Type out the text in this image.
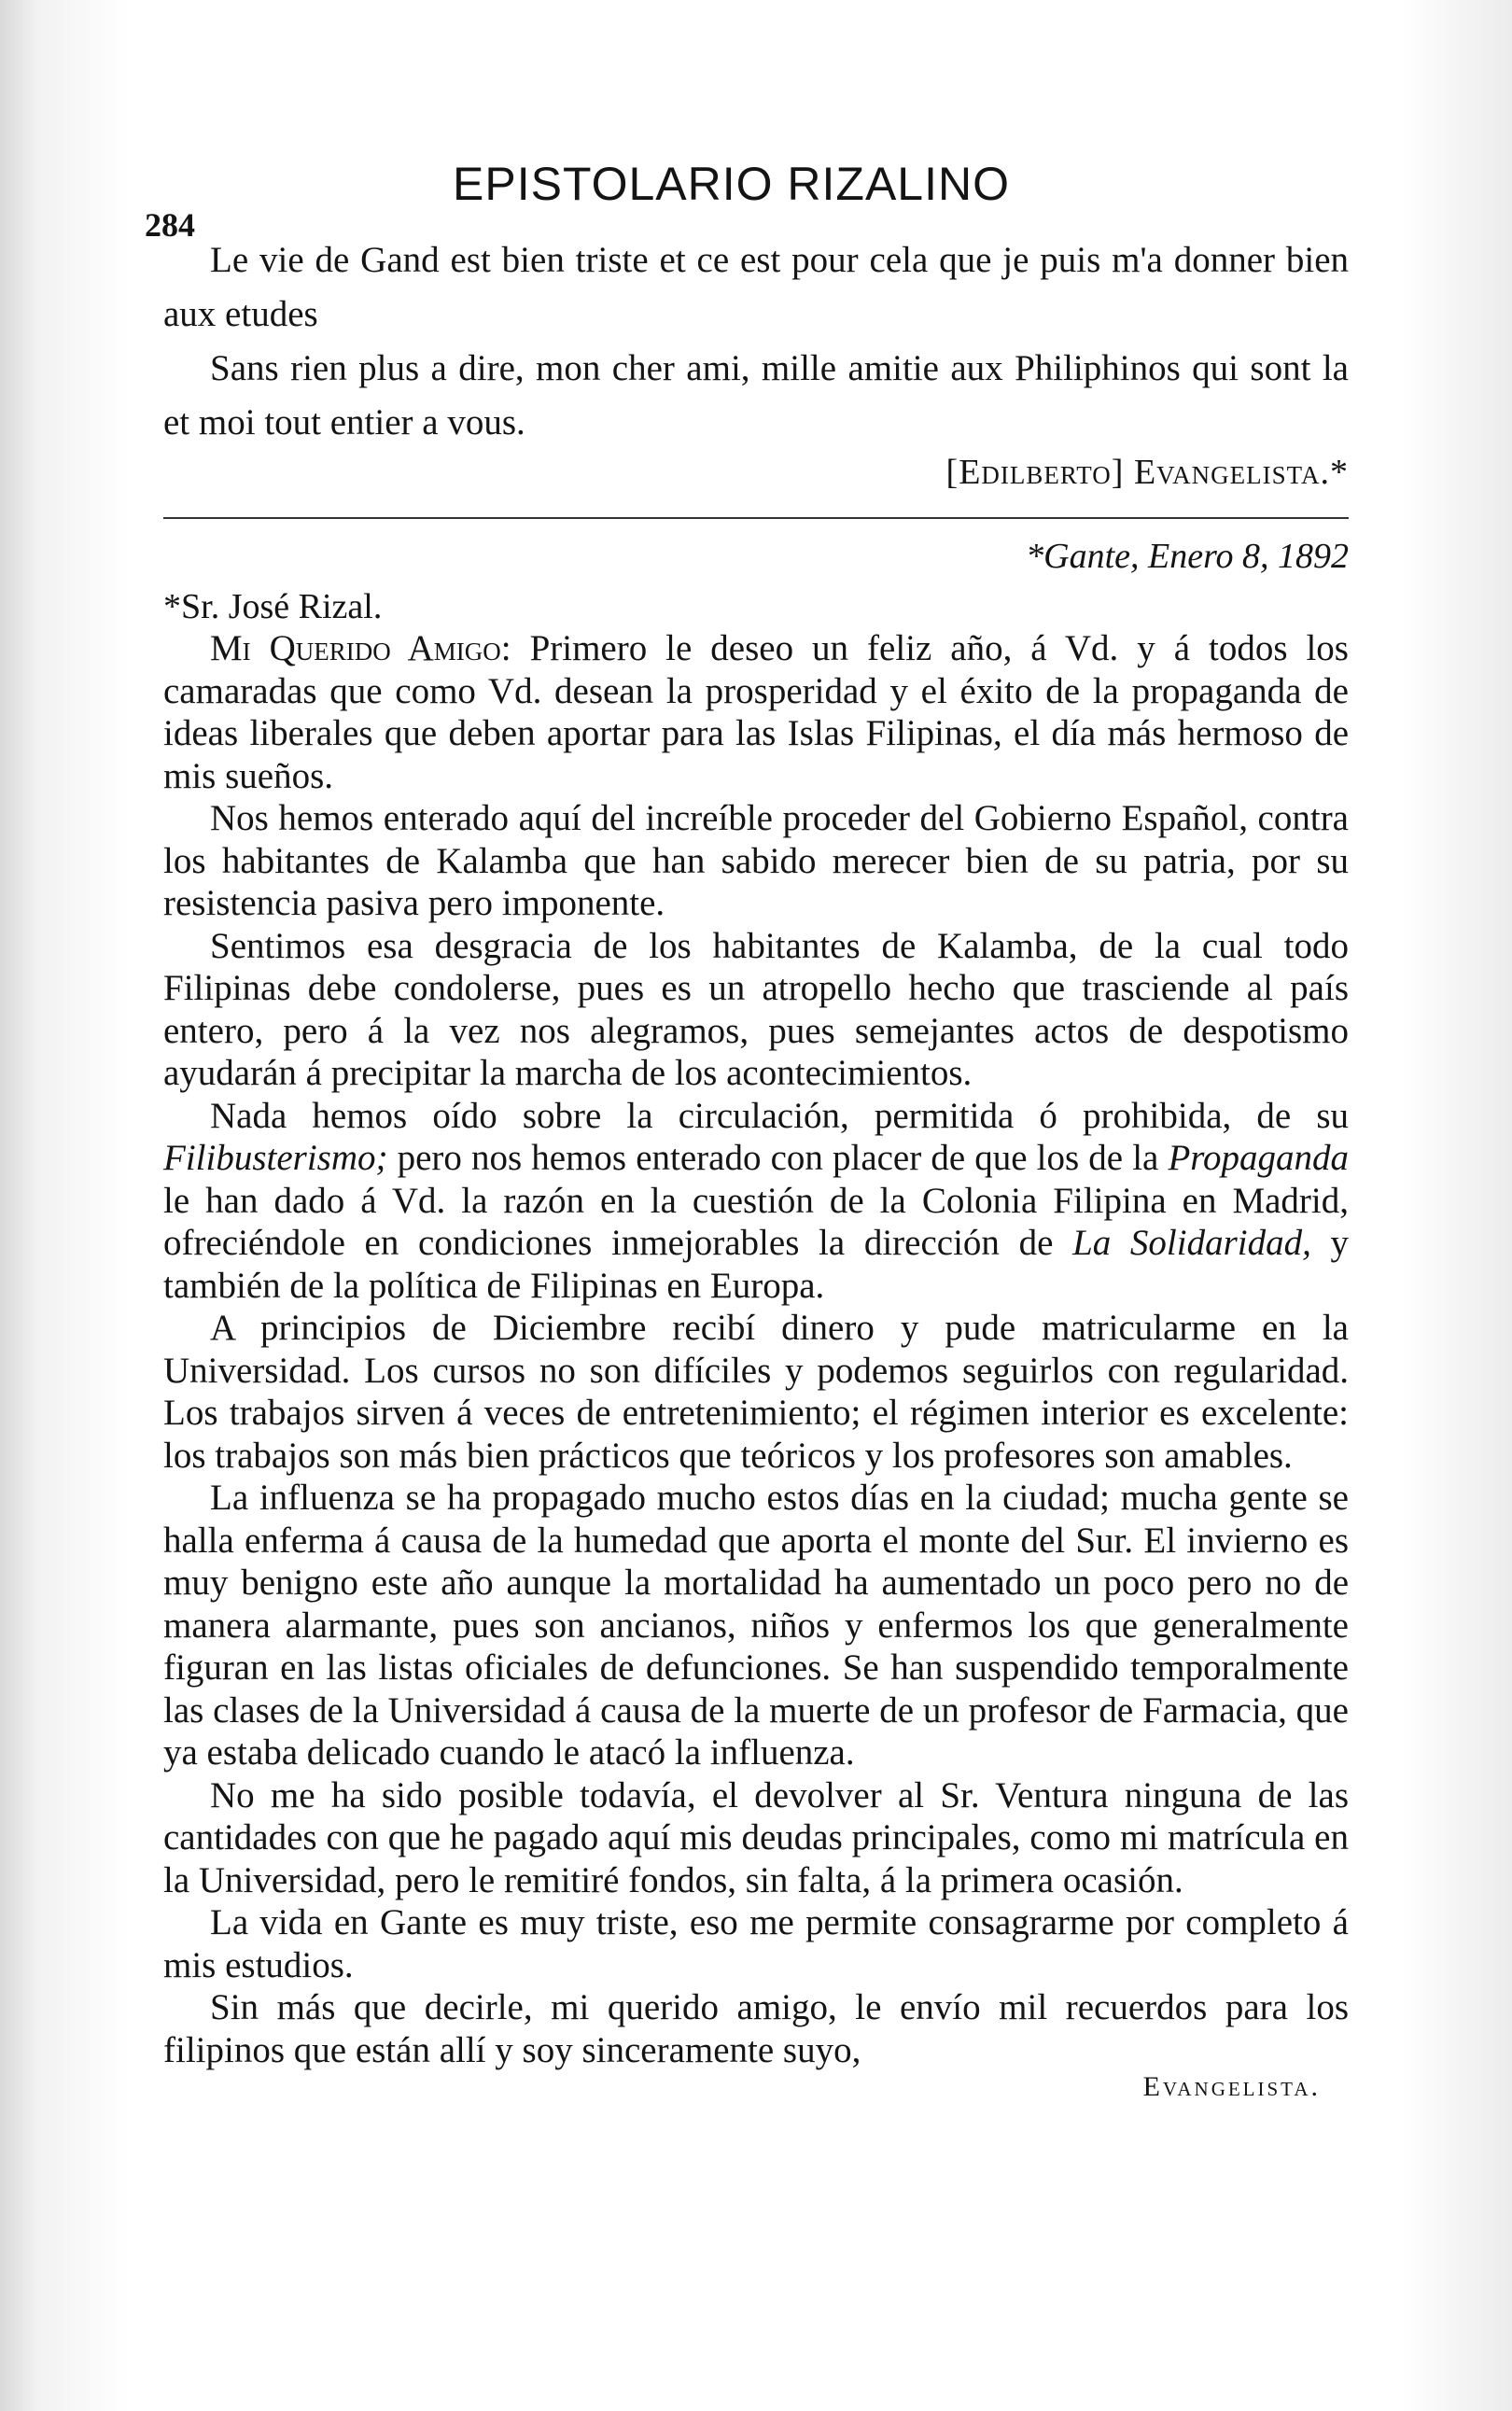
284
EPISTOLARIO RIZALINO

Le vie de Gand est bien triste et ce est pour cela que je puis m'a donner bien aux etudes

Sans rien plus a dire, mon cher ami, mille amitie aux Philiphinos qui sont la et moi tout entier a vous.

[Edilberto] Evangelista.*
*Gante, Enero 8, 1892
*Sr. José Rizal.

Mi Querido Amigo: Primero le deseo un feliz año, á Vd. y á todos los camaradas que como Vd. desean la prosperidad y el éxito de la propaganda de ideas liberales que deben aportar para las Islas Filipinas, el día más hermoso de mis sueños.

Nos hemos enterado aquí del increíble proceder del Gobierno Español, contra los habitantes de Kalamba que han sabido merecer bien de su patria, por su resistencia pasiva pero imponente.

Sentimos esa desgracia de los habitantes de Kalamba, de la cual todo Filipinas debe condolerse, pues es un atropello hecho que trasciende al país entero, pero á la vez nos alegramos, pues semejantes actos de despotismo ayudarán á precipitar la marcha de los acontecimientos.

Nada hemos oído sobre la circulación, permitida ó prohibida, de su Filibusterismo; pero nos hemos enterado con placer de que los de la Propaganda le han dado á Vd. la razón en la cuestión de la Colonia Filipina en Madrid, ofreciéndole en condiciones inmejorables la dirección de La Solidaridad, y también de la política de Filipinas en Europa.

A principios de Diciembre recibí dinero y pude matricularme en la Universidad. Los cursos no son difíciles y podemos seguirlos con regularidad. Los trabajos sirven á veces de entretenimiento; el régimen interior es excelente: los trabajos son más bien prácticos que teóricos y los profesores son amables.

La influenza se ha propagado mucho estos días en la ciudad; mucha gente se halla enferma á causa de la humedad que aporta el monte del Sur. El invierno es muy benigno este año aunque la mortalidad ha aumentado un poco pero no de manera alarmante, pues son ancianos, niños y enfermos los que generalmente figuran en las listas oficiales de defunciones. Se han suspendido temporalmente las clases de la Universidad á causa de la muerte de un profesor de Farmacia, que ya estaba delicado cuando le atacó la influenza.

No me ha sido posible todavía, el devolver al Sr. Ventura ninguna de las cantidades con que he pagado aquí mis deudas principales, como mi matrícula en la Universidad, pero le remitiré fondos, sin falta, á la primera ocasión.

La vida en Gante es muy triste, eso me permite consagrarme por completo á mis estudios.

Sin más que decirle, mi querido amigo, le envío mil recuerdos para los filipinos que están allí y soy sinceramente suyo,

Evangelista.
